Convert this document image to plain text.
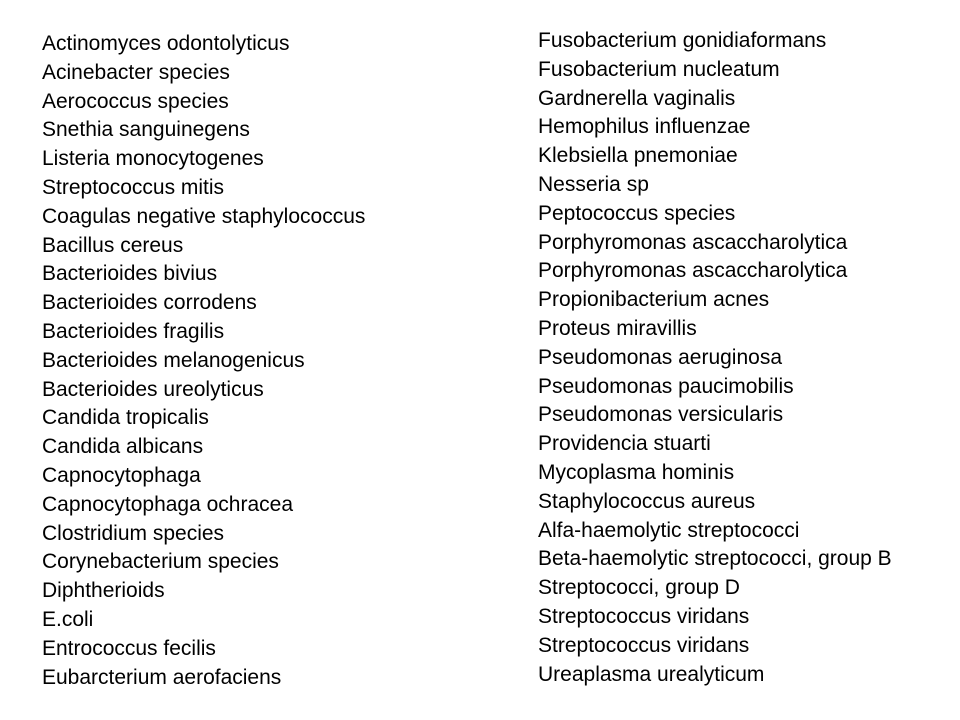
Actinomyces odontolyticus
Acinebacter species
Aerococcus species
Snethia sanguinegens
Listeria monocytogenes
Streptococcus mitis
Coagulas negative staphylococcus
Bacillus cereus
Bacterioides bivius
Bacterioides corrodens
Bacterioides fragilis
Bacterioides melanogenicus
Bacterioides ureolyticus
Candida tropicalis
Candida albicans
Capnocytophaga
Capnocytophaga ochracea
Clostridium species
Corynebacterium species
Diphtherioids
E.coli
Entrococcus fecilis
Eubarcterium aerofaciens
Fusobacterium gonidiaformans
Fusobacterium nucleatum
Gardnerella vaginalis
Hemophilus influenzae
Klebsiella pnemoniae
Nesseria sp
Peptococcus species
Porphyromonas ascaccharolytica
Porphyromonas ascaccharolytica
Propionibacterium acnes
Proteus miravillis
Pseudomonas aeruginosa
Pseudomonas paucimobilis
Pseudomonas versicularis
Providencia stuarti
Mycoplasma hominis
Staphylococcus aureus
Alfa-haemolytic streptococci
Beta-haemolytic streptococci, group B
Streptococci, group D
Streptococcus viridans
Streptococcus viridans
Ureaplasma urealyticum
